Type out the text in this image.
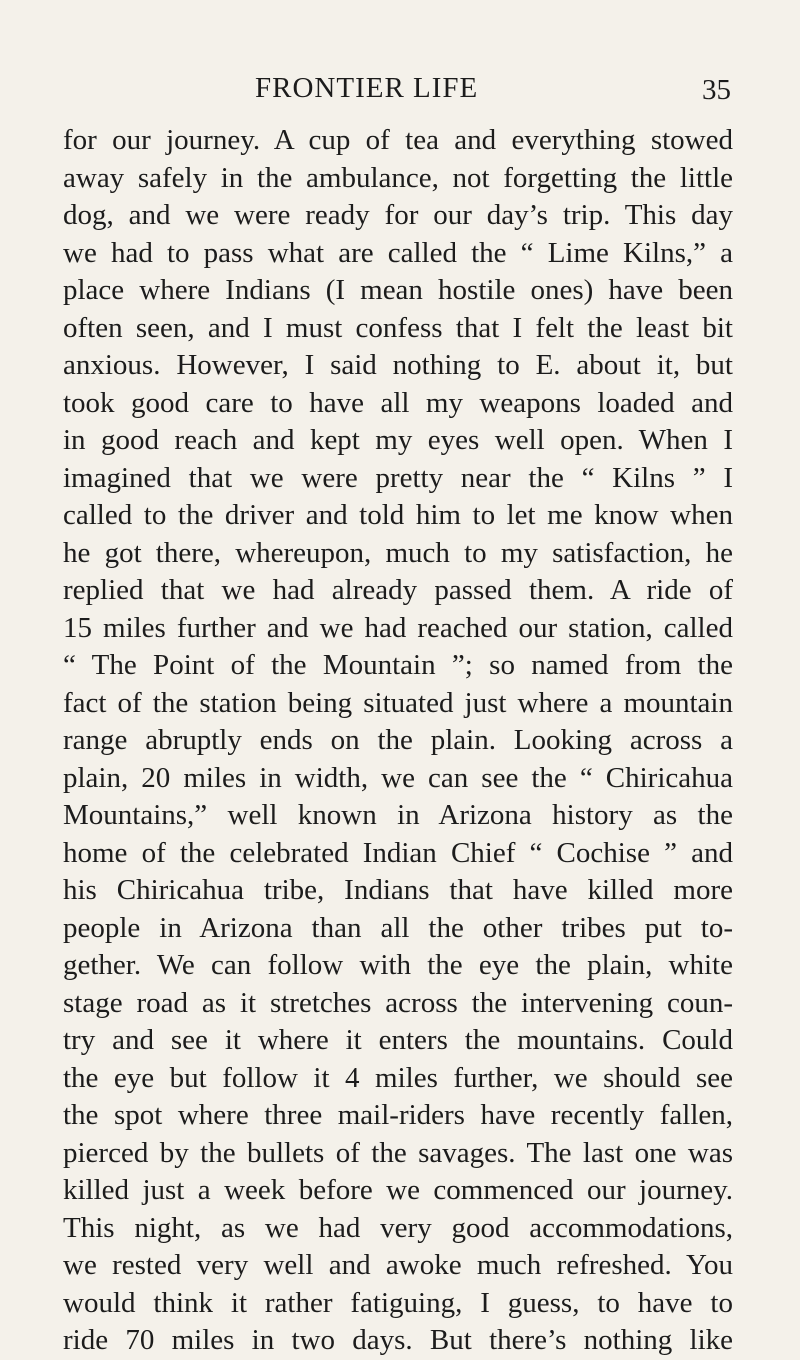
FRONTIER LIFE	35
for our journey. A cup of tea and everything stowed
away safely in the ambulance, not forgetting the little
dog, and we were ready for our day’s trip. This day
we had to pass what are called the “ Lime Kilns,” a
place where Indians (I mean hostile ones) have been
often seen, and I must confess that I felt the least bit
anxious. However, I said nothing to E. about it, but
took good care to have all my weapons loaded and
in good reach and kept my eyes well open. When I
imagined that we were pretty near the “ Kilns ” I
called to the driver and told him to let me know when
he got there, whereupon, much to my satisfaction, he
replied that we had already passed them. A ride of
15 miles further and we had reached our station, called
“ The Point of the Mountain ”; so named from the
fact of the station being situated just where a mountain
range abruptly ends on the plain. Looking across a
plain, 20 miles in width, we can see the “ Chiricahua
Mountains,” well known in Arizona history as the
home of the celebrated Indian Chief “ Cochise ” and
his Chiricahua tribe, Indians that have killed more
people in Arizona than all the other tribes put to-
gether. We can follow with the eye the plain, white
stage road as it stretches across the intervening coun-
try and see it where it enters the mountains. Could
the eye but follow it 4 miles further, we should see
the spot where three mail-riders have recently fallen,
pierced by the bullets of the savages. The last one was
killed just a week before we commenced our journey.
This night, as we had very good accommodations,
we rested very well and awoke much refreshed. You
would think it rather fatiguing, I guess, to have to
ride 70 miles in two days. But there’s nothing like
